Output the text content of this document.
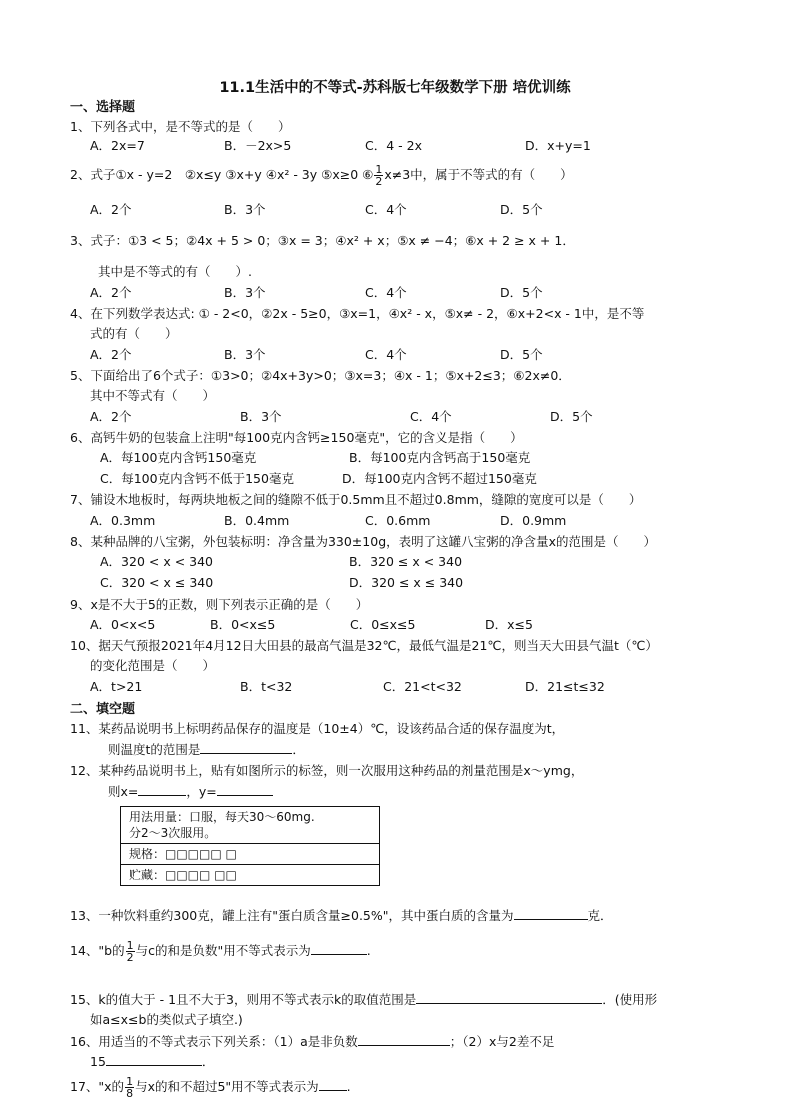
11.1生活中的不等式-苏科版七年级数学下册 培优训练
一、选择题
1、下列各式中，是不等式的是（　　）
A．2x=7	B．－2x>5	C．4 - 2x	D．x+y=1
2、式子①x - y=2　②x≤y ③x+y ④x² - 3y ⑤x≥0 ⑥ $\frac{1}{2} x\ne 3$中，属于不等式的有（　　）
A．2个	B．3个	C．4个	D．5个
3、式子：①3 < 5；②4x + 5 > 0；③x = 3；④x² + x；⑤x ≠ −4；⑥x + 2 ≥ x + 1．
其中是不等式的有（　　）.
A．2个	B．3个	C．4个	D．5个
4、在下列数学表达式: ① - 2<0，②2x - 5≥0，③x=1，④x² - x，⑤x≠ - 2，⑥x+2<x - 1中，是不等
式的有（　　）
A．2个	B．3个	C．4个	D．5个
5、下面给出了6个式子：①3>0；②4x+3y>0；③x=3；④x - 1；⑤x+2≤3；⑥2x≠0．
其中不等式有（　　）
A．2个	B．3个	C．4个	D．5个
6、高钙牛奶的包装盒上注明"每100克内含钙≥150毫克"，它的含义是指（　　）
A．每100克内含钙150毫克	B．每100克内含钙高于150毫克
C．每100克内含钙不低于150毫克	D．每100克内含钙不超过150毫克
7、铺设木地板时，每两块地板之间的缝隙不低于0.5mm且不超过0.8mm，缝隙的宽度可以是（　　）
A．0.3mm	B．0.4mm	C．0.6mm	D．0.9mm
8、某种品牌的八宝粥，外包装标明：净含量为330±10g，表明了这罐八宝粥的净含量x的范围是（　　）
A．320 < x < 340	B．320 ≤ x < 340
C．320 < x ≤ 340	D．320 ≤ x ≤ 340
9、x是不大于5的正数，则下列表示正确的是（　　）
A．0<x<5	B．0<x≤5	C．0≤x≤5	D．x≤5
10、据天气预报2021年4月12日大田县的最高气温是32℃，最低气温是21℃，则当天大田县气温t（℃）
的变化范围是（　　）
A．t>21	B．t<32	C．21<t<32	D．21≤t≤32
二、填空题
11、某药品说明书上标明药品保存的温度是（10±4）℃，设该药品合适的保存温度为t，
则温度t的范围是	．
12、某种药品说明书上，贴有如图所示的标签，则一次服用这种药品的剂量范围是x～ymg，
则x=	，y=
用法用量：口服，每天30～60mg.
分2～3次服用。
规格：□□□□□ □
贮藏：□□□□ □□
13、一种饮料重约300克，罐上注有"蛋白质含量≥0.5%"，其中蛋白质的含量为	克．
14、"b的 $\frac{1}{2}$ 与c的和是负数"用不等式表示为	.
15、k的值大于 - 1且不大于3，则用不等式表示k的取值范围是	．(使用形
如a≤x≤b的类似式子填空.)
16、用适当的不等式表示下列关系：（1）a是非负数	；（2）x与2差不足
15	．
17、"x的 $\frac{1}{8}$ 与x的和不超过5"用不等式表示为 .
